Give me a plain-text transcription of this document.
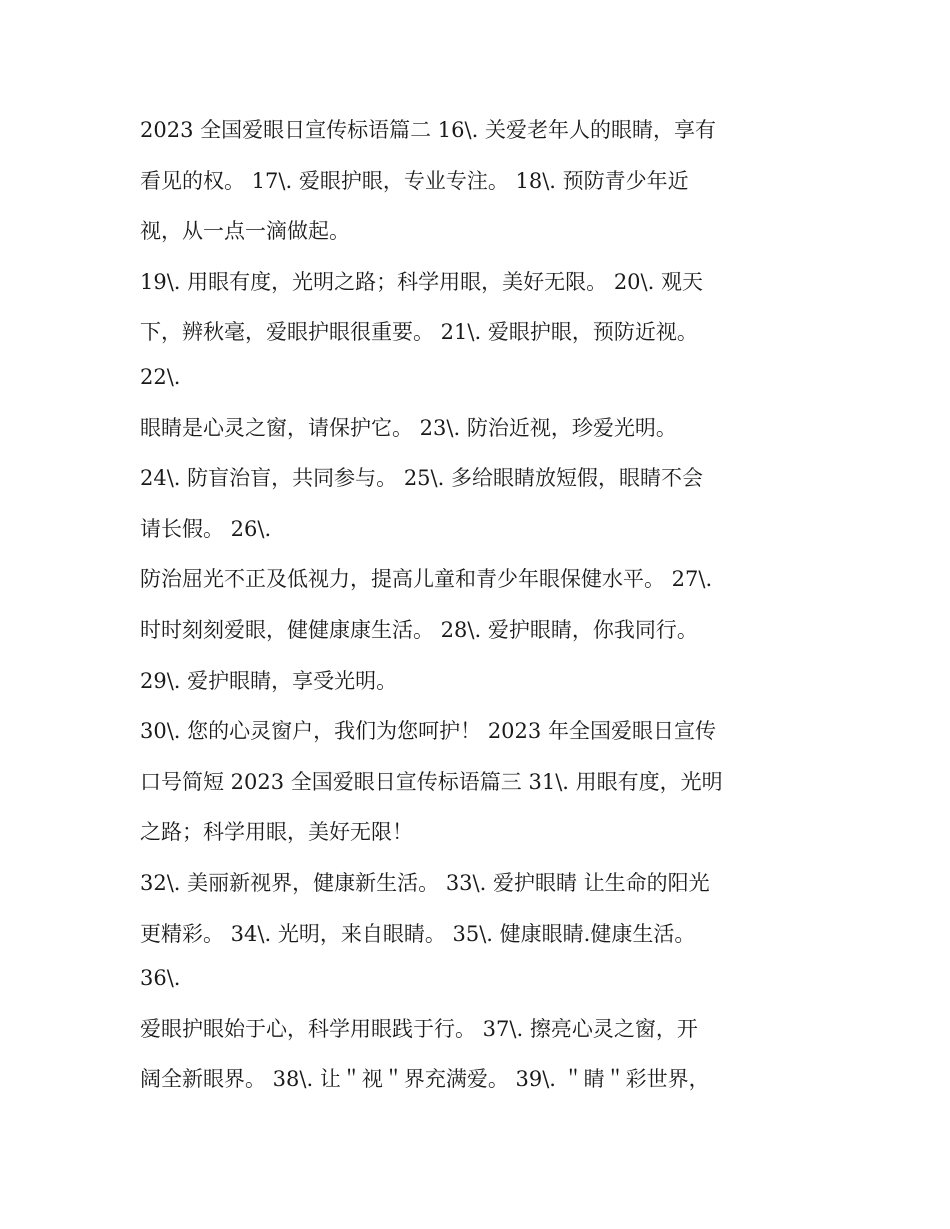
2023 全国爱眼日宣传标语篇二 16\. 关爱老年人的眼睛，享有
看见的权。 17\. 爱眼护眼，专业专注。 18\. 预防青少年近
视，从一点一滴做起。
19\. 用眼有度，光明之路；科学用眼，美好无限。 20\. 观天
下，辨秋毫，爱眼护眼很重要。 21\. 爱眼护眼，预防近视。
22\.
眼睛是心灵之窗，请保护它。 23\. 防治近视，珍爱光明。
24\. 防盲治盲，共同参与。 25\. 多给眼睛放短假，眼睛不会
请长假。 26\.
防治屈光不正及低视力，提高儿童和青少年眼保健水平。 27\.
时时刻刻爱眼，健健康康生活。 28\. 爱护眼睛，你我同行。
29\. 爱护眼睛，享受光明。
30\. 您的心灵窗户，我们为您呵护！ 2023 年全国爱眼日宣传
口号简短 2023 全国爱眼日宣传标语篇三 31\. 用眼有度，光明
之路；科学用眼，美好无限！
32\. 美丽新视界，健康新生活。 33\. 爱护眼睛 让生命的阳光
更精彩。 34\. 光明，来自眼睛。 35\. 健康眼睛.健康生活。
36\.
爱眼护眼始于心，科学用眼践于行。 37\. 擦亮心灵之窗，开
阔全新眼界。 38\. 让＂视＂界充满爱。 39\. ＂睛＂彩世界，
